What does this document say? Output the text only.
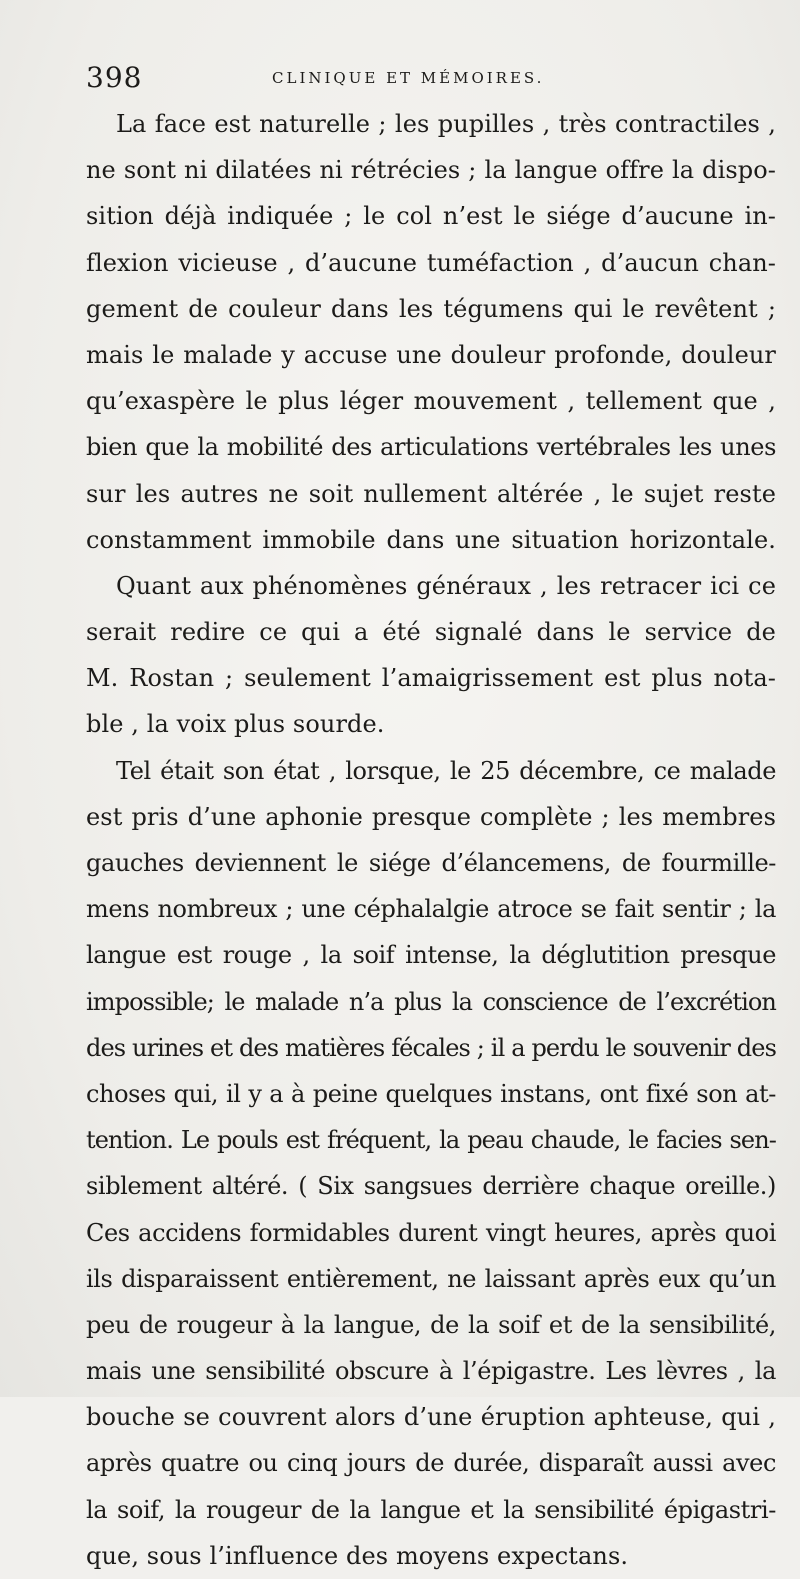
398	CLINIQUE ET MÉMOIRES.
La face est naturelle ; les pupilles , très contractiles ,
ne sont ni dilatées ni rétrécies ; la langue offre la dispo-
sition déjà indiquée ; le col n’est le siége d’aucune in-
flexion vicieuse , d’aucune tuméfaction , d’aucun chan-
gement de couleur dans les tégumens qui le revêtent ;
mais le malade y accuse une douleur profonde, douleur
qu’exaspère le plus léger mouvement , tellement que ,
bien que la mobilité des articulations vertébrales les unes
sur les autres ne soit nullement altérée , le sujet reste
constamment immobile dans une situation horizontale.
Quant aux phénomènes généraux , les retracer ici ce
serait redire ce qui a été signalé dans le service de
M. Rostan ; seulement l’amaigrissement est plus nota-
ble , la voix plus sourde.
Tel était son état , lorsque, le 25 décembre, ce malade
est pris d’une aphonie presque complète ; les membres
gauches deviennent le siége d’élancemens, de fourmille-
mens nombreux ; une céphalalgie atroce se fait sentir ; la
langue est rouge , la soif intense, la déglutition presque
impossible; le malade n’a plus la conscience de l’excrétion
des urines et des matières fécales ; il a perdu le souvenir des
choses qui, il y a à peine quelques instans, ont fixé son at-
tention. Le pouls est fréquent, la peau chaude, le facies sen-
siblement altéré. ( Six sangsues derrière chaque oreille.)
Ces accidens formidables durent vingt heures, après quoi
ils disparaissent entièrement, ne laissant après eux qu’un
peu de rougeur à la langue, de la soif et de la sensibilité,
mais une sensibilité obscure à l’épigastre. Les lèvres , la
bouche se couvrent alors d’une éruption aphteuse, qui ,
après quatre ou cinq jours de durée, disparaît aussi avec
la soif, la rougeur de la langue et la sensibilité épigastri-
que, sous l’influence des moyens expectans.
